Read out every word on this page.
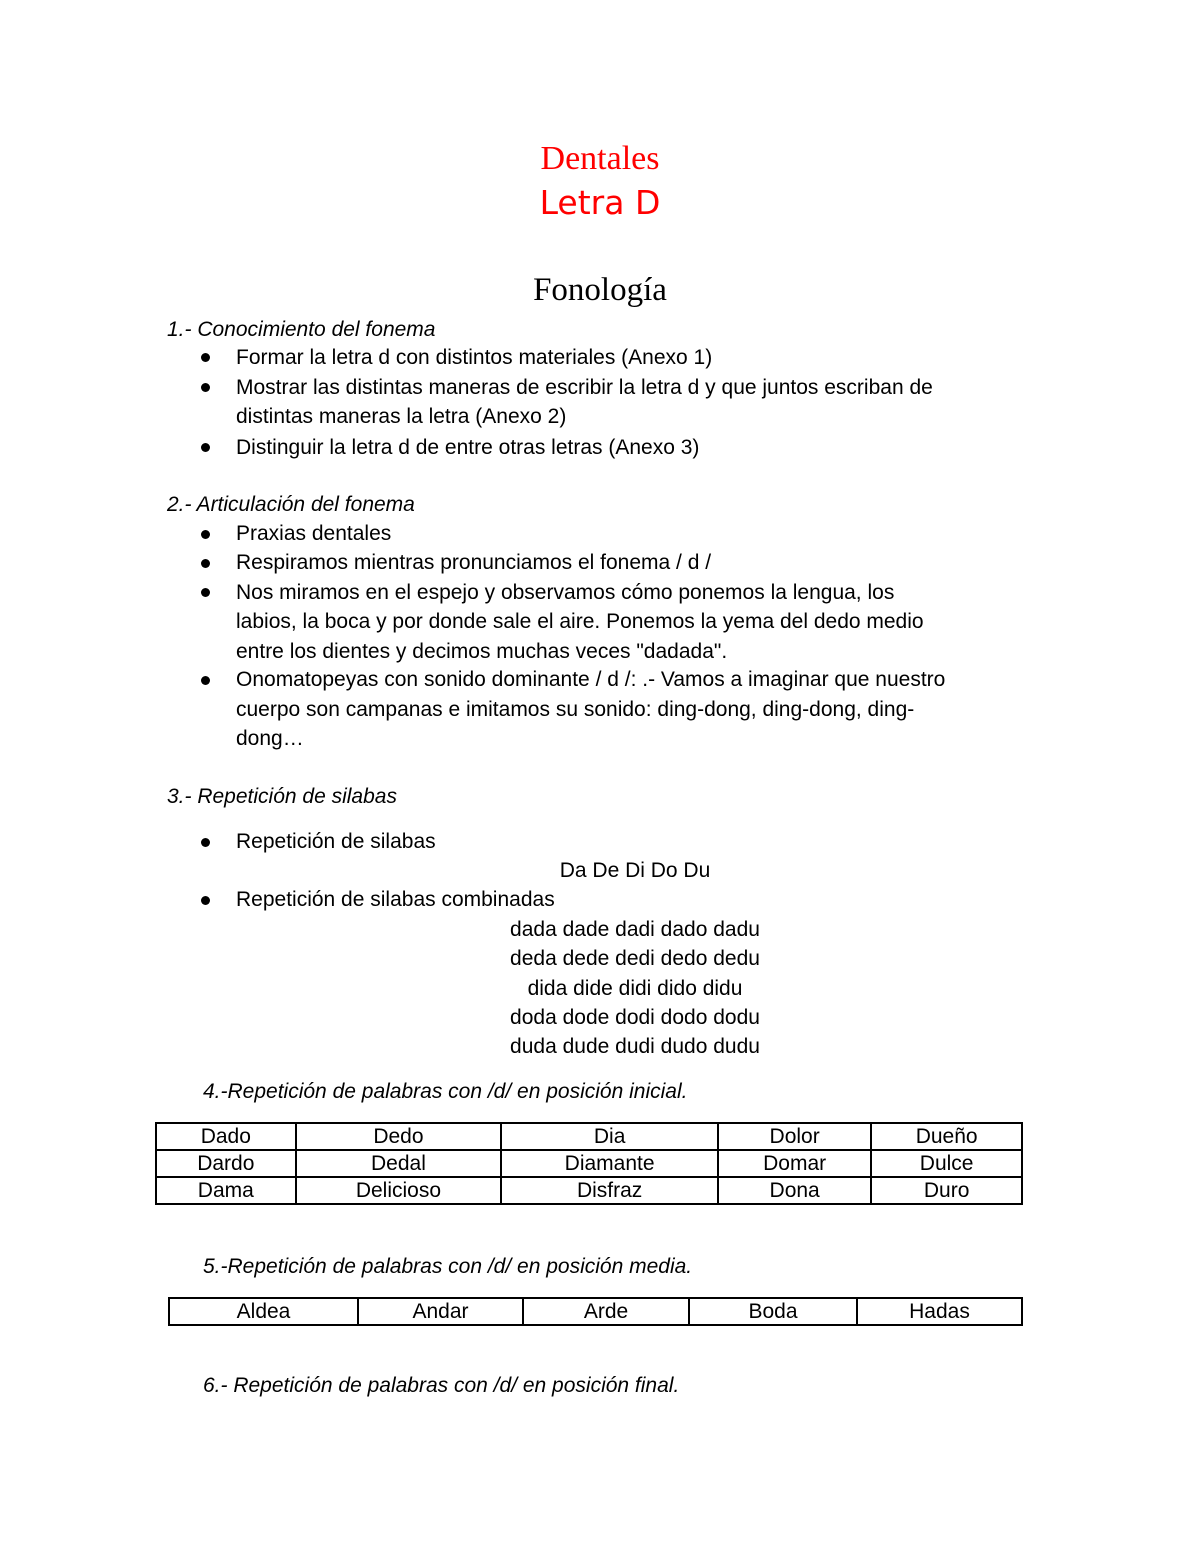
Dentales
Letra D
Fonología
1.- Conocimiento del fonema
Formar la letra d con distintos materiales (Anexo 1)
Mostrar las distintas maneras de escribir la letra d y que juntos escriban de
distintas maneras la letra (Anexo 2)
Distinguir la letra d de entre otras letras (Anexo 3)
2.- Articulación del fonema
Praxias dentales
Respiramos mientras pronunciamos el fonema / d /
Nos miramos en el espejo y observamos cómo ponemos la lengua, los
labios, la boca y por donde sale el aire. Ponemos la yema del dedo medio
entre los dientes y decimos muchas veces "dadada".
Onomatopeyas con sonido dominante / d /: .- Vamos a imaginar que nuestro
cuerpo son campanas e imitamos su sonido: ding-dong, ding-dong, ding-
dong…
3.- Repetición de silabas
Repetición de silabas
Da De Di Do Du
Repetición de silabas combinadas
dada dade dadi dado dadu
deda dede dedi dedo dedu
dida dide didi dido didu
doda dode dodi dodo dodu
duda dude dudi dudo dudu
4.-Repetición de palabras con /d/ en posición inicial.
Dado	Dedo	Dia	Dolor	Dueño
Dardo	Dedal	Diamante	Domar	Dulce
Dama	Delicioso	Disfraz	Dona	Duro
5.-Repetición de palabras con /d/ en posición media.
Aldea	Andar	Arde	Boda	Hadas
6.- Repetición de palabras con /d/ en posición final.
